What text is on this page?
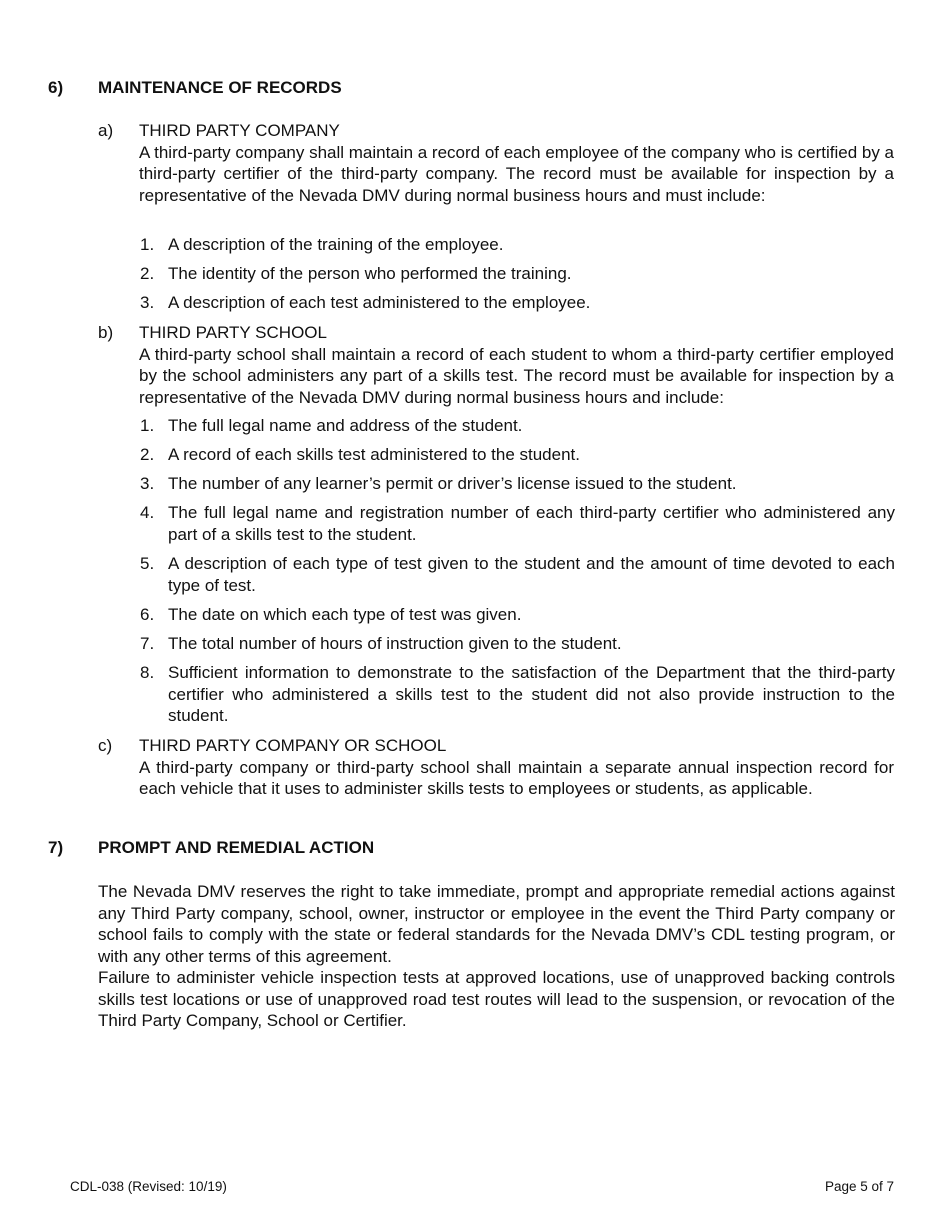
6) MAINTENANCE OF RECORDS
a) THIRD PARTY COMPANY
A third-party company shall maintain a record of each employee of the company who is certified by a third-party certifier of the third-party company. The record must be available for inspection by a representative of the Nevada DMV during normal business hours and must include:
1. A description of the training of the employee.
2. The identity of the person who performed the training.
3. A description of each test administered to the employee.
b) THIRD PARTY SCHOOL
A third-party school shall maintain a record of each student to whom a third-party certifier employed by the school administers any part of a skills test. The record must be available for inspection by a representative of the Nevada DMV during normal business hours and include:
1. The full legal name and address of the student.
2. A record of each skills test administered to the student.
3. The number of any learner’s permit or driver’s license issued to the student.
4. The full legal name and registration number of each third-party certifier who administered any part of a skills test to the student.
5. A description of each type of test given to the student and the amount of time devoted to each type of test.
6. The date on which each type of test was given.
7. The total number of hours of instruction given to the student.
8. Sufficient information to demonstrate to the satisfaction of the Department that the third-party certifier who administered a skills test to the student did not also provide instruction to the student.
c) THIRD PARTY COMPANY OR SCHOOL
A third-party company or third-party school shall maintain a separate annual inspection record for each vehicle that it uses to administer skills tests to employees or students, as applicable.
7) PROMPT AND REMEDIAL ACTION
The Nevada DMV reserves the right to take immediate, prompt and appropriate remedial actions against any Third Party company, school, owner, instructor or employee in the event the Third Party company or school fails to comply with the state or federal standards for the Nevada DMV’s CDL testing program, or with any other terms of this agreement.
Failure to administer vehicle inspection tests at approved locations, use of unapproved backing controls skills test locations or use of unapproved road test routes will lead to the suspension, or revocation of the Third Party Company, School or Certifier.
CDL-038 (Revised: 10/19)	Page 5 of 7
